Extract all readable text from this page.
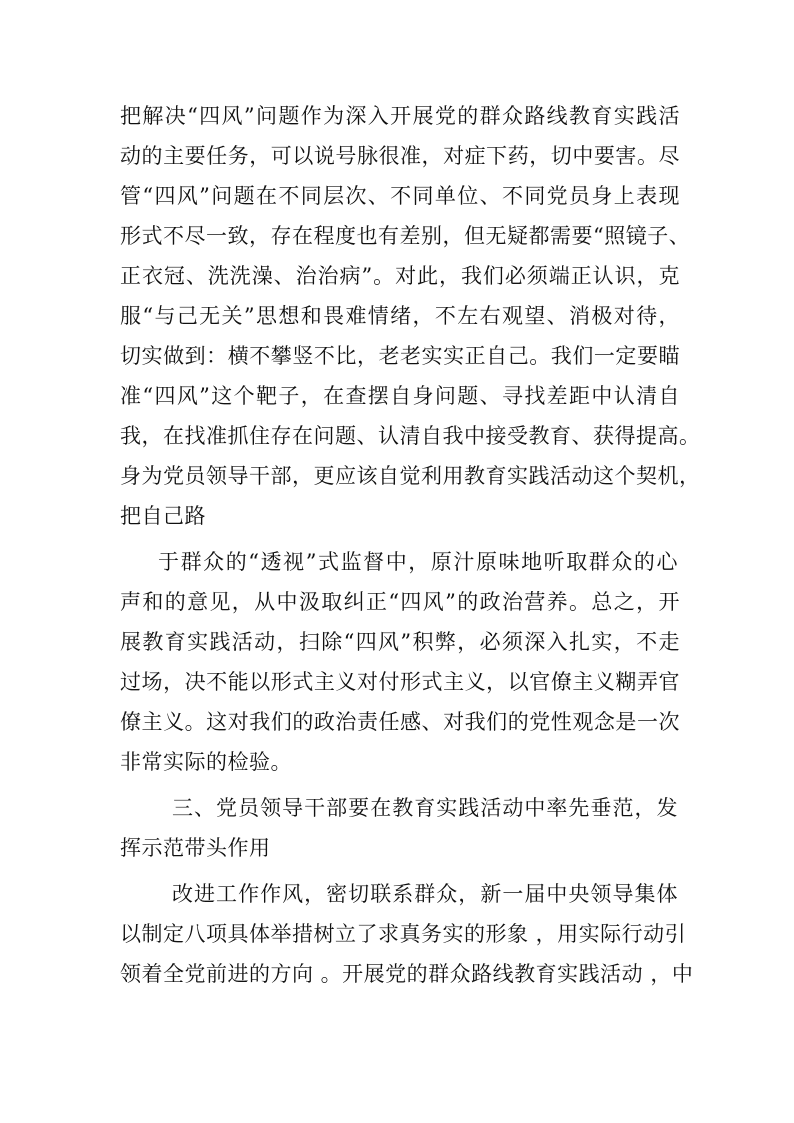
把解决“四风”问题作为深入开展党的群众路线教育实践活

动的主要任务，可以说号脉很准，对症下药，切中要害。尽

管“四风”问题在不同层次、不同单位、不同党员身上表现

形式不尽一致，存在程度也有差别，但无疑都需要“照镜子、

正衣冠、洗洗澡、治治病”。对此，我们必须端正认识，克

服“与己无关”思想和畏难情绪，不左右观望、消极对待，

切实做到：横不攀竖不比，老老实实正自己。我们一定要瞄

准“四风”这个靶子，在查摆自身问题、寻找差距中认清自

我，在找准抓住存在问题、认清自我中接受教育、获得提高。

身为党员领导干部，更应该自觉利用教育实践活动这个契机，

把自己路

于群众的“透视”式监督中，原汁原味地听取群众的心

声和的意见，从中汲取纠正“四风”的政治营养。总之，开

展教育实践活动，扫除“四风”积弊，必须深入扎实，不走

过场，决不能以形式主义对付形式主义，以官僚主义糊弄官

僚主义。这对我们的政治责任感、对我们的党性观念是一次

非常实际的检验。

三、党员领导干部要在教育实践活动中率先垂范，发

挥示范带头作用

改进工作作风，密切联系群众，新一届中央领导集体

以制定八项具体举措树立了求真务实的形象 ，用实际行动引

领着全党前进的方向 。开展党的群众路线教育实践活动 ，中
